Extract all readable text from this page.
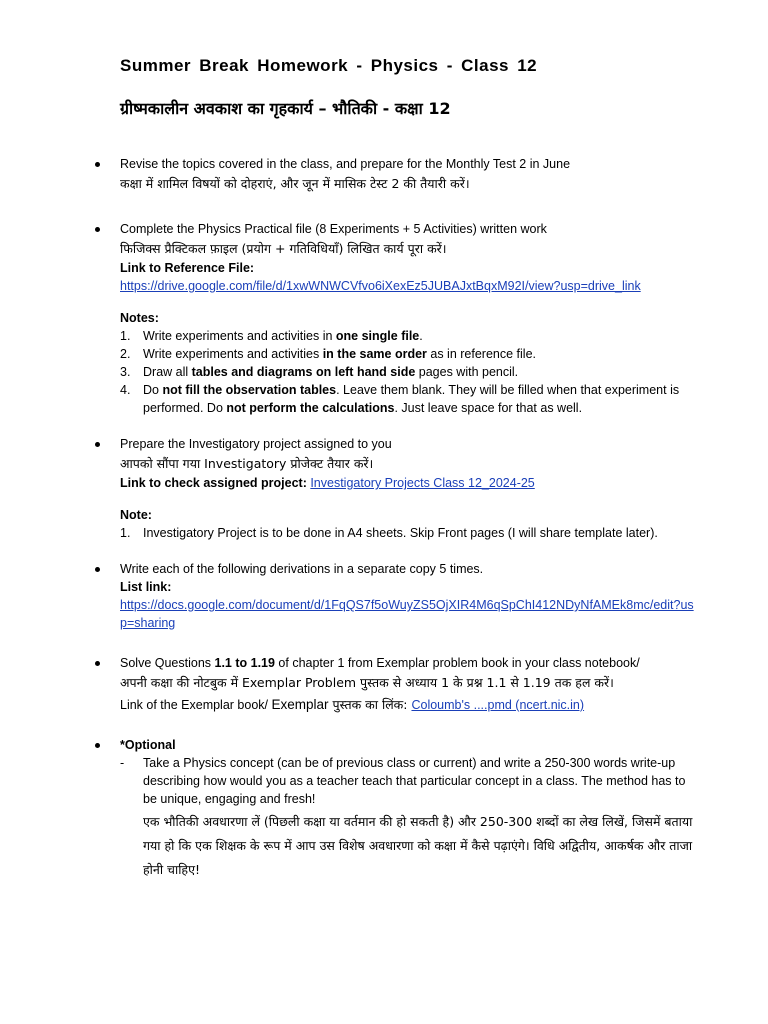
Summer Break Homework - Physics - Class 12
ग्रीष्मकालीन अवकाश का गृहकार्य – भौतिकी - कक्षा 12

Revise the topics covered in the class, and prepare for the Monthly Test 2 in June

कक्षा में शामिल विषयों को दोहराएं, और जून में मासिक टेस्ट 2 की तैयारी करें।

Complete the Physics Practical file (8 Experiments + 5 Activities) written work

फिजिक्स प्रैक्टिकल फ़ाइल (प्रयोग + गतिविधियाँ) लिखित कार्य पूरा करें।

Link to Reference File:

https://drive.google.com/file/d/1xwWNWCVfvo6iXexEz5JUBAJxtBqxM92I/view?usp=drive_link

Notes:

1. Write experiments and activities in one single file.
2. Write experiments and activities in the same order as in reference file.
3. Draw all tables and diagrams on left hand side pages with pencil.
4. Do not fill the observation tables. Leave them blank. They will be filled when that experiment is performed. Do not perform the calculations. Just leave space for that as well.

Prepare the Investigatory project assigned to you

आपको सौंपा गया Investigatory प्रोजेक्ट तैयार करें।

Link to check assigned project: Investigatory Projects Class 12_2024-25

Note:

1. Investigatory Project is to be done in A4 sheets. Skip Front pages (I will share template later).

Write each of the following derivations in a separate copy 5 times.

List link:

https://docs.google.com/document/d/1FqQS7f5oWuyZS5OjXIR4M6qSpChI412NDyNfAMEk8mc/edit?usp=sharing

Solve Questions 1.1 to 1.19 of chapter 1 from Exemplar problem book in your class notebook/

अपनी कक्षा की नोटबुक में Exemplar Problem पुस्तक से अध्याय 1 के प्रश्न 1.1 से 1.19 तक हल करें।

Link of the Exemplar book/ Exemplar पुस्तक का लिंक: Coloumb's ....pmd (ncert.nic.in)

*Optional

- Take a Physics concept (can be of previous class or current) and write a 250-300 words write-up describing how would you as a teacher teach that particular concept in a class. The method has to be unique, engaging and fresh!

एक भौतिकी अवधारणा लें (पिछली कक्षा या वर्तमान की हो सकती है) और 250-300 शब्दों का लेख लिखें, जिसमें बताया गया हो कि एक शिक्षक के रूप में आप उस विशेष अवधारणा को कक्षा में कैसे पढ़ाएंगे। विधि अद्वितीय, आकर्षक और ताजा होनी चाहिए!
